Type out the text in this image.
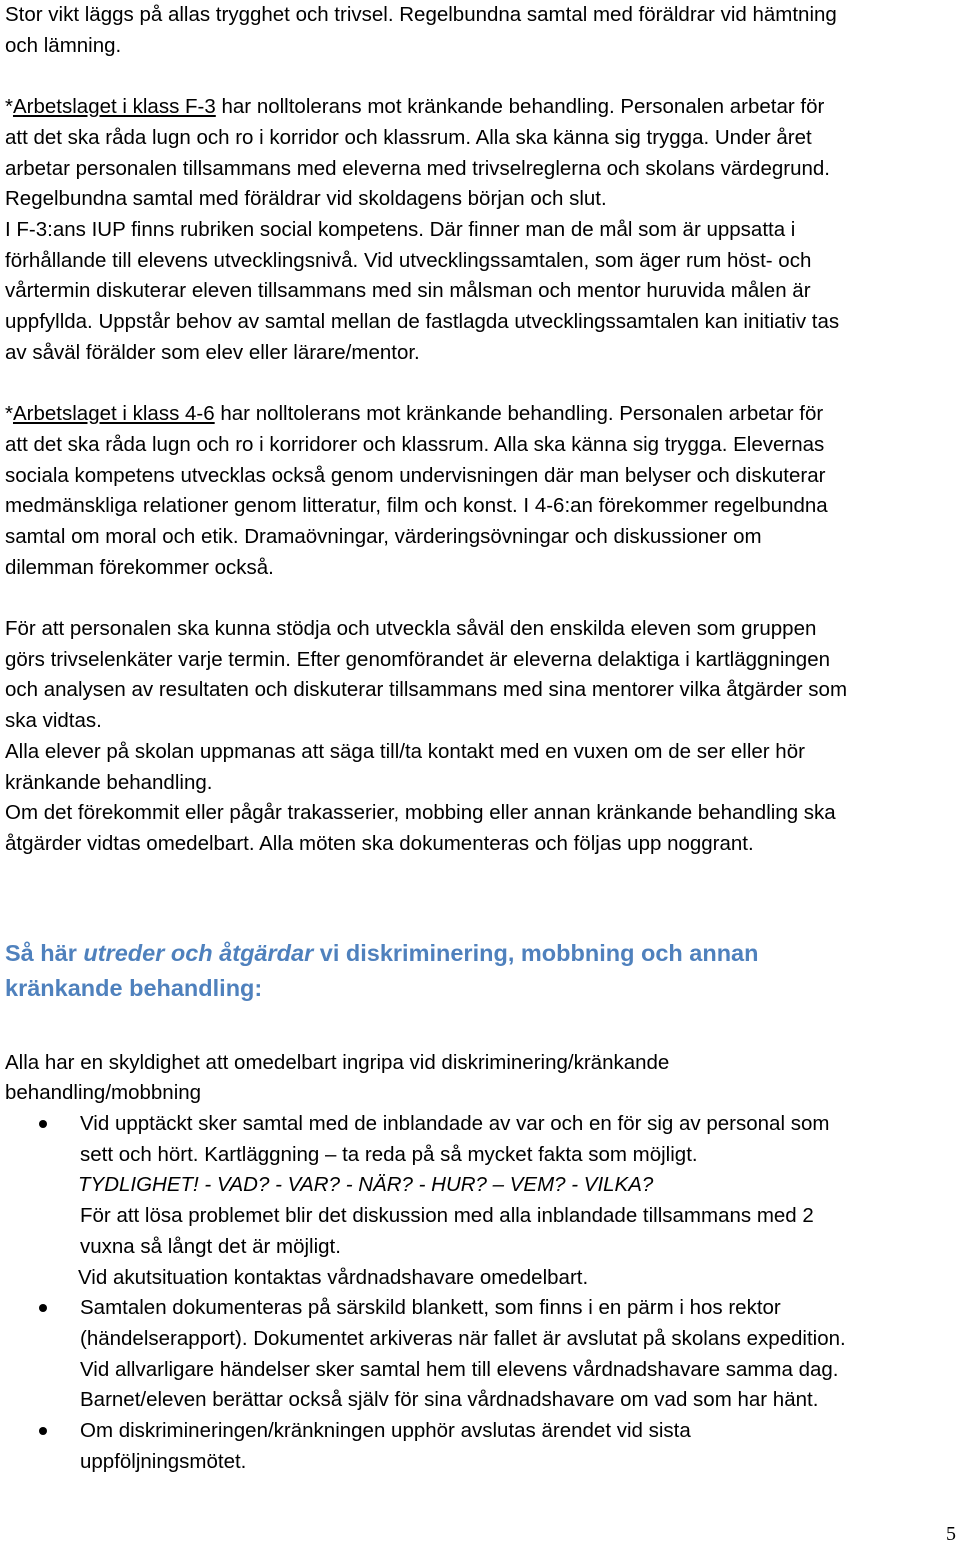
Stor vikt läggs på allas trygghet och trivsel. Regelbundna samtal med föräldrar vid hämtning

och lämning.

*Arbetslaget i klass F-3 har nolltolerans mot kränkande behandling. Personalen arbetar för

att det ska råda lugn och ro i korridor och klassrum. Alla ska känna sig trygga. Under året

arbetar personalen tillsammans med eleverna med trivselreglerna och skolans värdegrund.

Regelbundna samtal med föräldrar vid skoldagens början och slut.

I F-3:ans IUP finns rubriken social kompetens. Där finner man de mål som är uppsatta i

förhållande till elevens utvecklingsnivå. Vid utvecklingssamtalen, som äger rum höst- och

vårtermin diskuterar eleven tillsammans med sin målsman och mentor huruvida målen är

uppfyllda. Uppstår behov av samtal mellan de fastlagda utvecklingssamtalen kan initiativ tas

av såväl förälder som elev eller lärare/mentor.

*Arbetslaget i klass 4-6 har nolltolerans mot kränkande behandling. Personalen arbetar för

att det ska råda lugn och ro i korridorer och klassrum. Alla ska känna sig trygga. Elevernas

sociala kompetens utvecklas också genom undervisningen där man belyser och diskuterar

medmänskliga relationer genom litteratur, film och konst. I 4-6:an förekommer regelbundna

samtal om moral och etik. Dramaövningar, värderingsövningar och diskussioner om

dilemman förekommer också.

För att personalen ska kunna stödja och utveckla såväl den enskilda eleven som gruppen

görs trivselenkäter varje termin. Efter genomförandet är eleverna delaktiga i kartläggningen

och analysen av resultaten och diskuterar tillsammans med sina mentorer vilka åtgärder som

ska vidtas.

Alla elever på skolan uppmanas att säga till/ta kontakt med en vuxen om de ser eller hör

kränkande behandling.

Om det förekommit eller pågår trakasserier, mobbing eller annan kränkande behandling ska

åtgärder vidtas omedelbart. Alla möten ska dokumenteras och följas upp noggrant.

Så här utreder och åtgärdar vi diskriminering, mobbning och annan

kränkande behandling:

Alla har en skyldighet att omedelbart ingripa vid diskriminering/kränkande

behandling/mobbning

Vid upptäckt sker samtal med de inblandade av var och en för sig av personal som

sett och hört. Kartläggning – ta reda på så mycket fakta som möjligt.

TYDLIGHET! - VAD? - VAR? - NÄR? - HUR? – VEM? - VILKA?

För att lösa problemet blir det diskussion med alla inblandade tillsammans med 2

vuxna så långt det är möjligt.

Vid akutsituation kontaktas vårdnadshavare omedelbart.

Samtalen dokumenteras på särskild blankett, som finns i en pärm i hos rektor

(händelserapport). Dokumentet arkiveras när fallet är avslutat på skolans expedition.

Vid allvarligare händelser sker samtal hem till elevens vårdnadshavare samma dag.

Barnet/eleven berättar också själv för sina vårdnadshavare om vad som har hänt.

Om diskrimineringen/kränkningen upphör avslutas ärendet vid sista

uppföljningsmötet.

5
